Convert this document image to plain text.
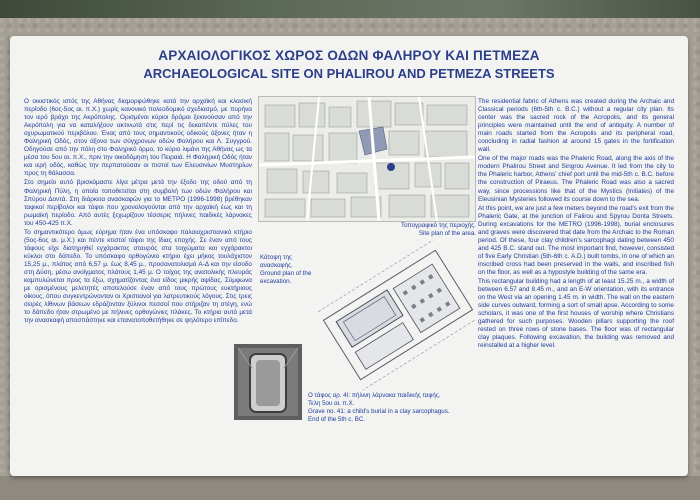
ΑΡΧΑΙΟΛΟΓΙΚΟΣ ΧΩΡΟΣ ΟΔΩΝ ΦΑΛΗΡΟΥ ΚΑΙ ΠΕΤΜΕΖΑ
ARCHAEOLOGICAL SITE ON PHALIROU AND PETMEZA STREETS

Ο οικιστικός ιστός της Αθήνας διαμορφώθηκε κατά την αρχαϊκή και κλασική περίοδο (6ος-5ος αι. π.Χ.) χωρίς κανονικό πολεοδομικό σχεδιασμό, με πυρήνα τον ιερό βράχο της Ακρόπολης. Ορισμένοι κύριοι δρόμοι ξεκινούσαν από την Ακρόπολη για να καταλήξουν ακτινωτά στις περί τις δεκαπέντε πύλες του οχυρωματικού περιβόλου. Ένας από τους σημαντικούς οδικούς άξονες ήταν η Φαληρική Οδός, στον άξονα των σύγχρονων οδών Φαλήρου και Λ. Συγγρού. Οδηγούσε από την πόλη στο Φαληρικό όρμο, το κύριο λιμάνι της Αθήνας ως τα μέσα του 5ου αι. π.Χ., πριν την οικοδόμηση του Πειραιά. Η Φαληρική Οδός ήταν και ιερή οδός, καθώς την περπατούσαν οι πιστοί των Ελευσινίων Μυστηρίων προς τη θάλασσα.

Στο σημείο αυτό βρισκόμαστε λίγα μέτρα μετά την έξοδο της οδού από τη Φαληρική Πύλη, η οποία τοποθετείται στη συμβολή των οδών Φαλήρου και Σπύρου Δοντά. Στη διάρκεια ανασκαφών για το ΜΕΤΡΟ (1996-1998) βρέθηκαν ταφικοί περίβολοι και τάφοι που χρονολογούνται από την αρχαϊκή έως και τη ρωμαϊκή περίοδο. Από αυτές ξεχωρίζουν τέσσερις πήλινες παιδικές λάρνακες του 450-425 π.Χ.

Το σημαντικότερο όμως εύρημα ήταν ένα υπόσκαφο παλαιοχριστιανικό κτήριο (5ος-6ος αι. μ.Χ.) και πέντε κτιστοί τάφοι της ίδιας εποχής. Σε έναν από τους τάφους είχε διατηρηθεί εγχάρακτος σταυρός στα τοιχώματα και εγχάρακτοι κύκλοι στο δάπεδο. Το υπόσκαφο ορθογώνιο κτήριο έχει μήκος τουλάχιστον 15,25 μ., πλάτος από 6,57 μ. έως 8,45 μ., προσανατολισμό Α-Δ και την είσοδο στη Δύση, μέσω ανοίγματος πλάτους 1,45 μ. Ο τοίχος της ανατολικής πλευράς καμπυλώνεται προς τα έξω, σχηματίζοντας ένα είδος μικρής αψίδας. Σύμφωνα με ορισμένους μελετητές αποτελούσε έναν από τους πρώτους ευκτήριους οίκους, όπου συγκεντρώνονταν οι Χριστιανοί για λατρευτικούς λόγους. Στις τρεις σειρές λίθινων βάσεων εδράζονταν ξύλινοι πεσσοί που στήριζαν τη στέγη, ενώ το δάπεδο ήταν στρωμένο με πήλινες ορθογώνιες πλάκες. Το κτήριο αυτό μετά την ανασκαφή αποσπάστηκε και επανατοποθετήθηκε σε ψηλότερο επίπεδο.

Τοπογραφικό της περιοχής.
Site plan of the area.
Κάτοψη της ανασκαφής.
Ground plan of the excavation.
Ο τάφος αρ. 4Ι: πήλινη λάρνακα παιδικής ταφής.
Τελη 5ου αι. π.Χ.
Grave no. 41: a child's burial in a clay sarcophagus.
End of the 5th c. BC.

The residential fabric of Athens was created during the Archaic and Classical periods (6th-5th c. B.C.) without a regular city plan. Its center was the sacred rock of the Acropolis, and its general principles were maintained until the end of antiquity. A number of main roads started from the Acropolis and its peripheral road, concluding in radial fashion at around 15 gates in the fortification wall.

One of the major roads was the Phaleric Road, along the axis of the modern Phalirou Street and Singrou Avenue. It led from the city to the Phaleric harbor, Athens' chief port until the mid-5th c. B.C. before the construction of Piraeus. The Phaleric Road was also a sacred way, since processions like that of the Mystics (Initiates) of the Eleusinian Mysteries followed its course down to the sea.

At this point, we are just a few meters beyond the road's exit from the Phaleric Gate, at the junction of Falirou and Spyrou Donta Streets. During excavations for the METRO (1996-1998), burial enclosures and graves were discovered that date from the Archaic to the Roman period. Of these, four clay children's sarcophagi dating between 450 and 425 B.C. stand out. The most important find, however, consisted of five Early Christian (5th-6th c. A.D.) built tombs, in one of which an inscribed cross had been preserved in the walls, and inscribed fish on the floor, as well as a hypostyle building of the same era.

This rectangular building had a length of at least 15.25 m., a width of between 6.57 and 8.45 m., and an E-W orientation, with its entrance on the West via an opening 1.45 m. in width. The wall on the eastern side curves outward, forming a sort of small apse. According to some scholars, it was one of the first houses of worship where Christians gathered for such purposes. Wooden pillars supporting the roof rested on three rows of stone bases. The floor was of rectangular clay plaques. Following excavation, the building was removed and reinstalled at a higher level.
